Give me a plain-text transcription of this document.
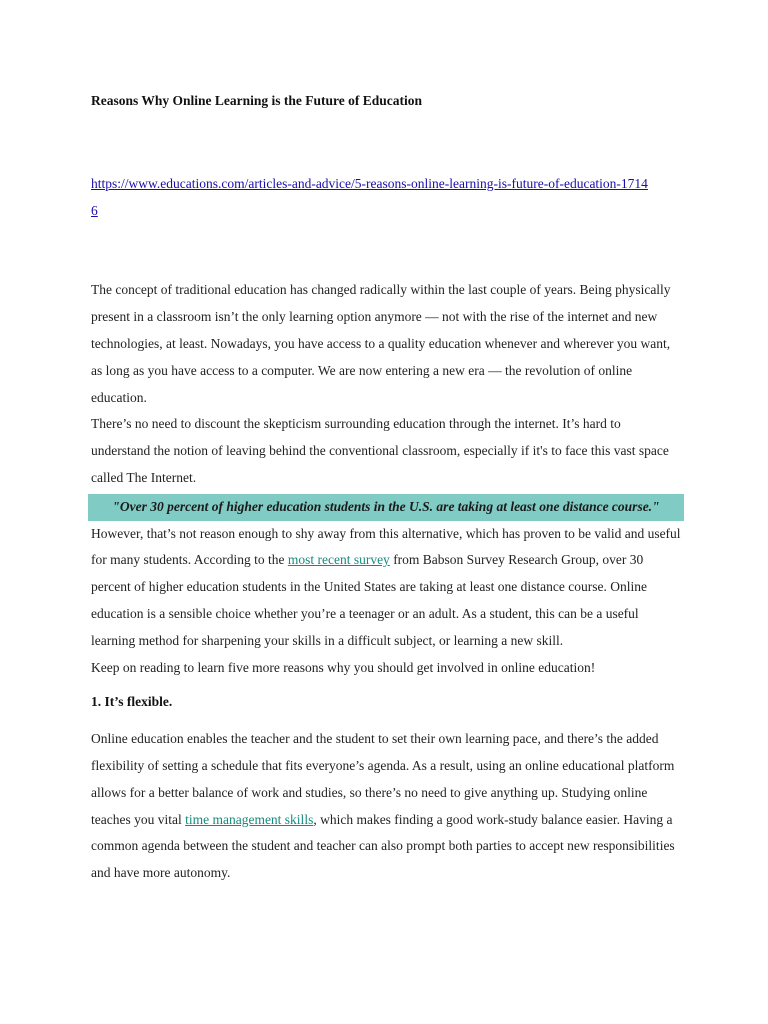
Reasons Why Online Learning is the Future of Education

https://www.educations.com/articles-and-advice/5-reasons-online-learning-is-future-of-education-17146

The concept of traditional education has changed radically within the last couple of years. Being physically present in a classroom isn’t the only learning option anymore — not with the rise of the internet and new technologies, at least. Nowadays, you have access to a quality education whenever and wherever you want, as long as you have access to a computer. We are now entering a new era — the revolution of online education.

There’s no need to discount the skepticism surrounding education through the internet. It’s hard to understand the notion of leaving behind the conventional classroom, especially if it's to face this vast space called The Internet.

"Over 30 percent of higher education students in the U.S. are taking at least one distance course."

However, that’s not reason enough to shy away from this alternative, which has proven to be valid and useful for many students. According to the most recent survey from Babson Survey Research Group, over 30 percent of higher education students in the United States are taking at least one distance course. Online education is a sensible choice whether you’re a teenager or an adult. As a student, this can be a useful learning method for sharpening your skills in a difficult subject, or learning a new skill.

Keep on reading to learn five more reasons why you should get involved in online education!

1. It’s flexible.

Online education enables the teacher and the student to set their own learning pace, and there’s the added flexibility of setting a schedule that fits everyone’s agenda. As a result, using an online educational platform allows for a better balance of work and studies, so there’s no need to give anything up. Studying online teaches you vital time management skills, which makes finding a good work-study balance easier. Having a common agenda between the student and teacher can also prompt both parties to accept new responsibilities and have more autonomy.
